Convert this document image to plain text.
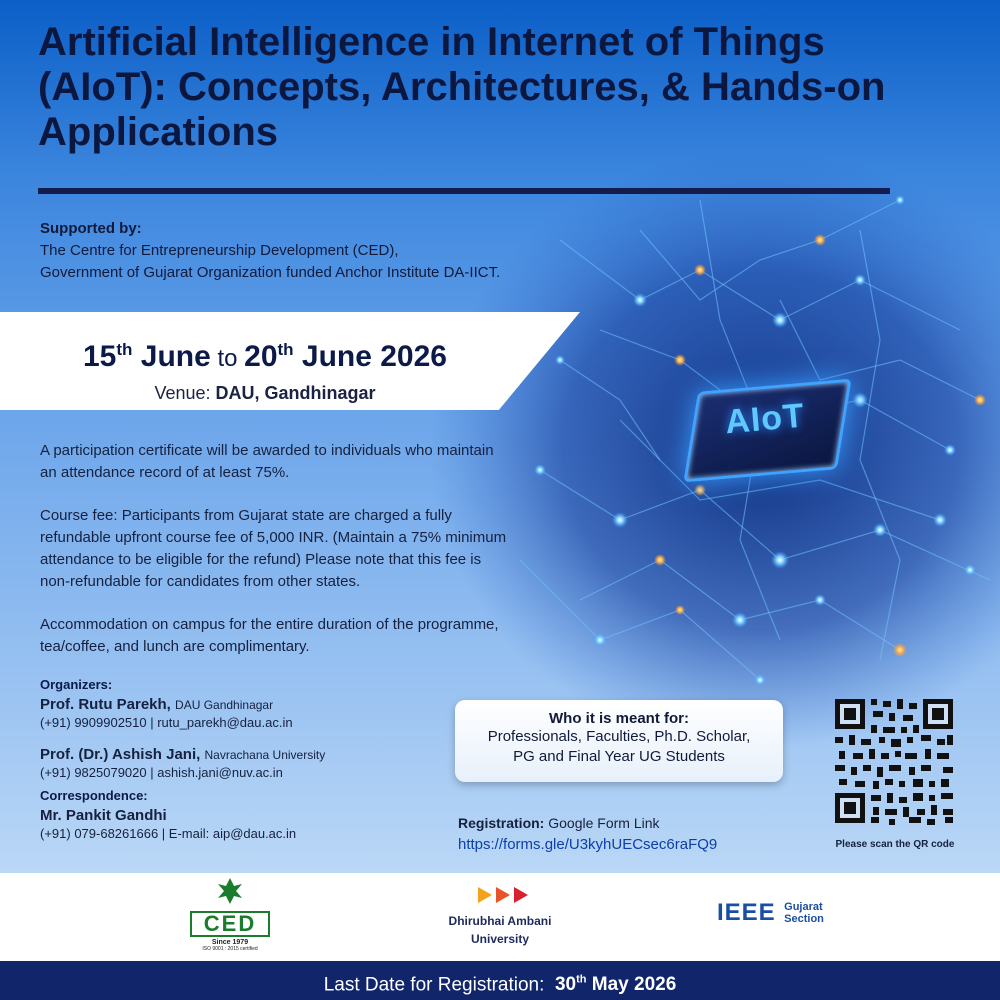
AIoT
Artificial Intelligence in Internet of Things (AIoT): Concepts, Architectures, & Hands-on Applications
Supported by:
The Centre for Entrepreneurship Development (CED),
Government of Gujarat Organization funded Anchor Institute DA-IICT.
15th June to 20th June 2026
Venue: DAU, Gandhinagar

A participation certificate will be awarded to individuals who maintain an attendance record of at least 75%.

Course fee: Participants from Gujarat state are charged a fully refundable upfront course fee of 5,000 INR. (Maintain a 75% minimum attendance to be eligible for the refund) Please note that this fee is non-refundable for candidates from other states.

Accommodation on campus for the entire duration of the programme, tea/coffee, and lunch are complimentary.

Organizers:
Prof. Rutu Parekh, DAU Gandhinagar
(+91) 9909902510 | rutu_parekh@dau.ac.in
Prof. (Dr.) Ashish Jani, Navrachana University
(+91) 9825079020 | ashish.jani@nuv.ac.in
Correspondence:
Mr. Pankit Gandhi
(+91) 079-68261666 | E-mail: aip@dau.ac.in
Who it is meant for:
Professionals, Faculties, Ph.D. Scholar,
PG and Final Year UG Students
Registration: Google Form Link
https://forms.gle/U3kyhUECsec6raFQ9	Please scan the QR code
CED
Since 1979
ISO 9001 : 2015 certified
Dhirubhai Ambani
University
IEEE Gujarat
Section
Last Date for Registration: 30th May 2026
